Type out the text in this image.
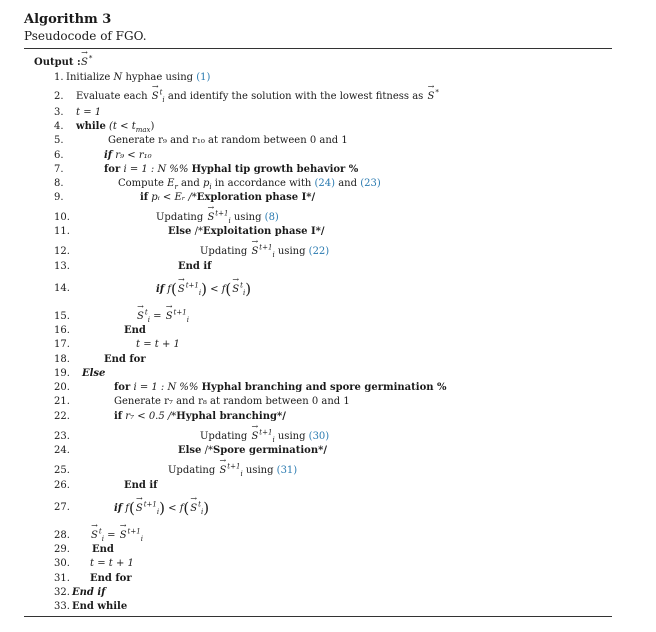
Algorithm 3
Pseudocode of FGO.
Output : S
→
*
1. Initialize N hyphae using (1)
2. Evaluate each S
→
$^t_i$ and identify the solution with the lowest fitness as S
→
*
3. t = 1
4. while $(t < t_{max})$
5.	Generate r₉ and r₁₀ at random between 0 and 1
6.	if r₉ < r₁₀
7.	for i = 1 : N %% Hyphal tip growth behavior %
8.	Compute $E_r$ and $p_i$ in accordance with (24) and (23)
9.	if pᵢ < Eᵣ /*Exploration phase I*/
10.	Updating S
→
$^{t+1}_i$ using (8)
11.	Else /*Exploitation phase I*/
12.	Updating S
→
$^{t+1}_i$ using (22)
13.	End if
14.	if f(S
→
$^{t+1}_i$) < f(S
→
$^t_i$)
15.	S
→
$^t_i$ = S
→
$^{t+1}_i$
16.	End
17.	t = t + 1
18.	End for
19. Else
20.	for i = 1 : N %% Hyphal branching and spore germination %
21.	Generate r₇ and r₈ at random between 0 and 1
22.	if r₇ < 0.5 /*Hyphal branching*/
23.	Updating S
→
$^{t+1}_i$ using (30)
24.	Else /*Spore germination*/
25.	Updating S
→
$^{t+1}_i$ using (31)
26.	End if
27.	if f(S
→
$^{t+1}_i$) < f(S
→
$^t_i$)
28. S
→
$^t_i$ = S
→
$^{t+1}_i$
29. End
30. t = t + 1
31. End for
32. End if
33. End while
